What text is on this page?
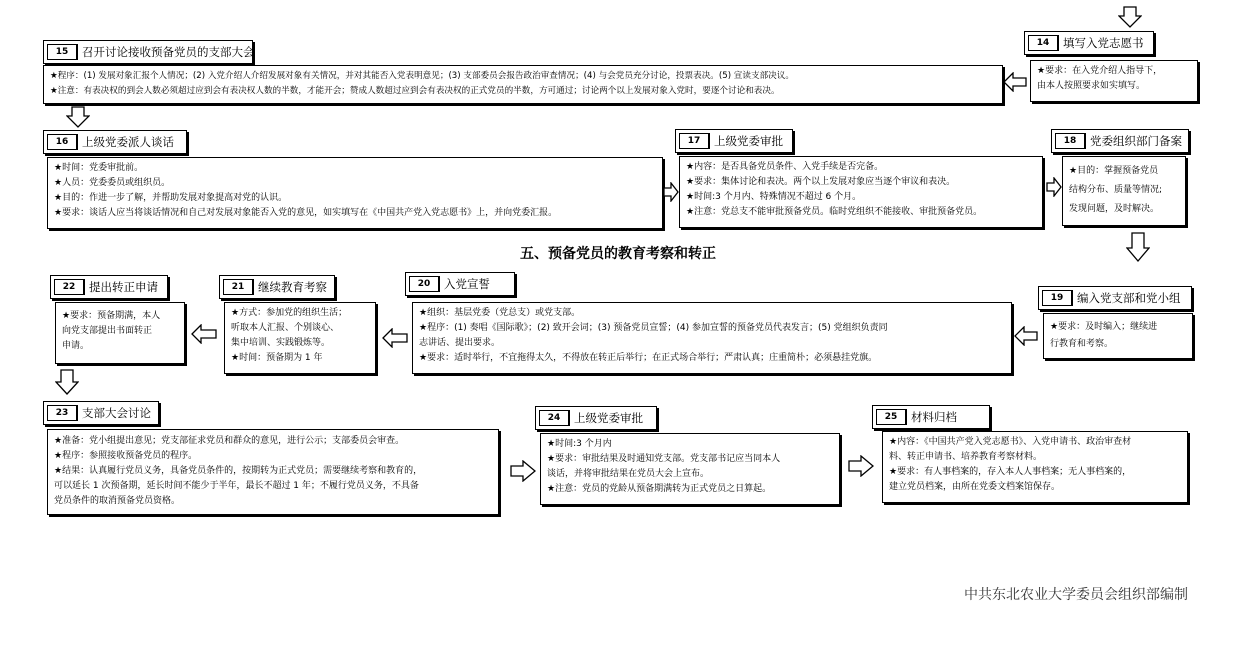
14	填写入党志愿书
★要求：在入党介绍人指导下，
由本人按照要求如实填写。
15	召开讨论接收预备党员的支部大会
★程序：(1) 发展对象汇报个人情况；(2) 入党介绍人介绍发展对象有关情况，并对其能否入党表明意见；(3) 支部委员会报告政治审查情况；(4) 与会党员充分讨论，投票表决。(5) 宣读支部决议。
★注意：有表决权的到会人数必须超过应到会有表决权人数的半数，才能开会；赞成人数超过应到会有表决权的正式党员的半数，方可通过；讨论两个以上发展对象入党时，要逐个讨论和表决。
16	上级党委派人谈话
★时间：党委审批前。
★人员：党委委员或组织员。
★目的：作进一步了解，并帮助发展对象提高对党的认识。
★要求：谈话人应当将谈话情况和自己对发展对象能否入党的意见，如实填写在《中国共产党入党志愿书》上，并向党委汇报。
17	上级党委审批
★内容：是否具备党员条件、入党手续是否完备。
★要求：集体讨论和表决。两个以上发展对象应当逐个审议和表决。
★时间:3 个月内、特殊情况不超过 6 个月。
★注意：党总支不能审批预备党员。临时党组织不能接收、审批预备党员。
18	党委组织部门备案
★目的：掌握预备党员
结构分布、质量等情况;
发现问题，及时解决。
五、预备党员的教育考察和转正
19	编入党支部和党小组
★要求：及时编入；继续进
行教育和考察。
20	入党宣誓
★组织：基层党委（党总支）或党支部。
★程序：(1) 奏唱《国际歌》；(2) 致开会词；(3) 预备党员宣誓；(4) 参加宣誓的预备党员代表发言；(5) 党组织负责同
志讲话、提出要求。
★要求：适时举行，不宜拖得太久，不得放在转正后举行；在正式场合举行；严肃认真；庄重简朴；必须悬挂党旗。
21	继续教育考察
★方式：参加党的组织生活；
听取本人汇报、个别谈心、
集中培训、实践锻炼等。
★时间：预备期为 1 年
22	提出转正申请
★要求：预备期满，本人
向党支部提出书面转正
申请。
23	支部大会讨论
★准备：党小组提出意见；党支部征求党员和群众的意见，进行公示；支部委员会审查。
★程序：参照接收预备党员的程序。
★结果：认真履行党员义务，具备党员条件的，按期转为正式党员；需要继续考察和教育的，
可以延长 1 次预备期，延长时间不能少于半年，最长不超过 1 年；不履行党员义务，不具备
党员条件的取消预备党员资格。
24	上级党委审批
★时间:3 个月内
★要求：审批结果及时通知党支部。党支部书记应当同本人
谈话，并将审批结果在党员大会上宣布。
★注意：党员的党龄从预备期满转为正式党员之日算起。
25	材料归档
★内容：《中国共产党入党志愿书》、入党申请书、政治审查材
料、转正申请书、培养教育考察材料。
★要求：有人事档案的，存入本人人事档案；无人事档案的，
建立党员档案，由所在党委文档案馆保存。
中共东北农业大学委员会组织部编制
